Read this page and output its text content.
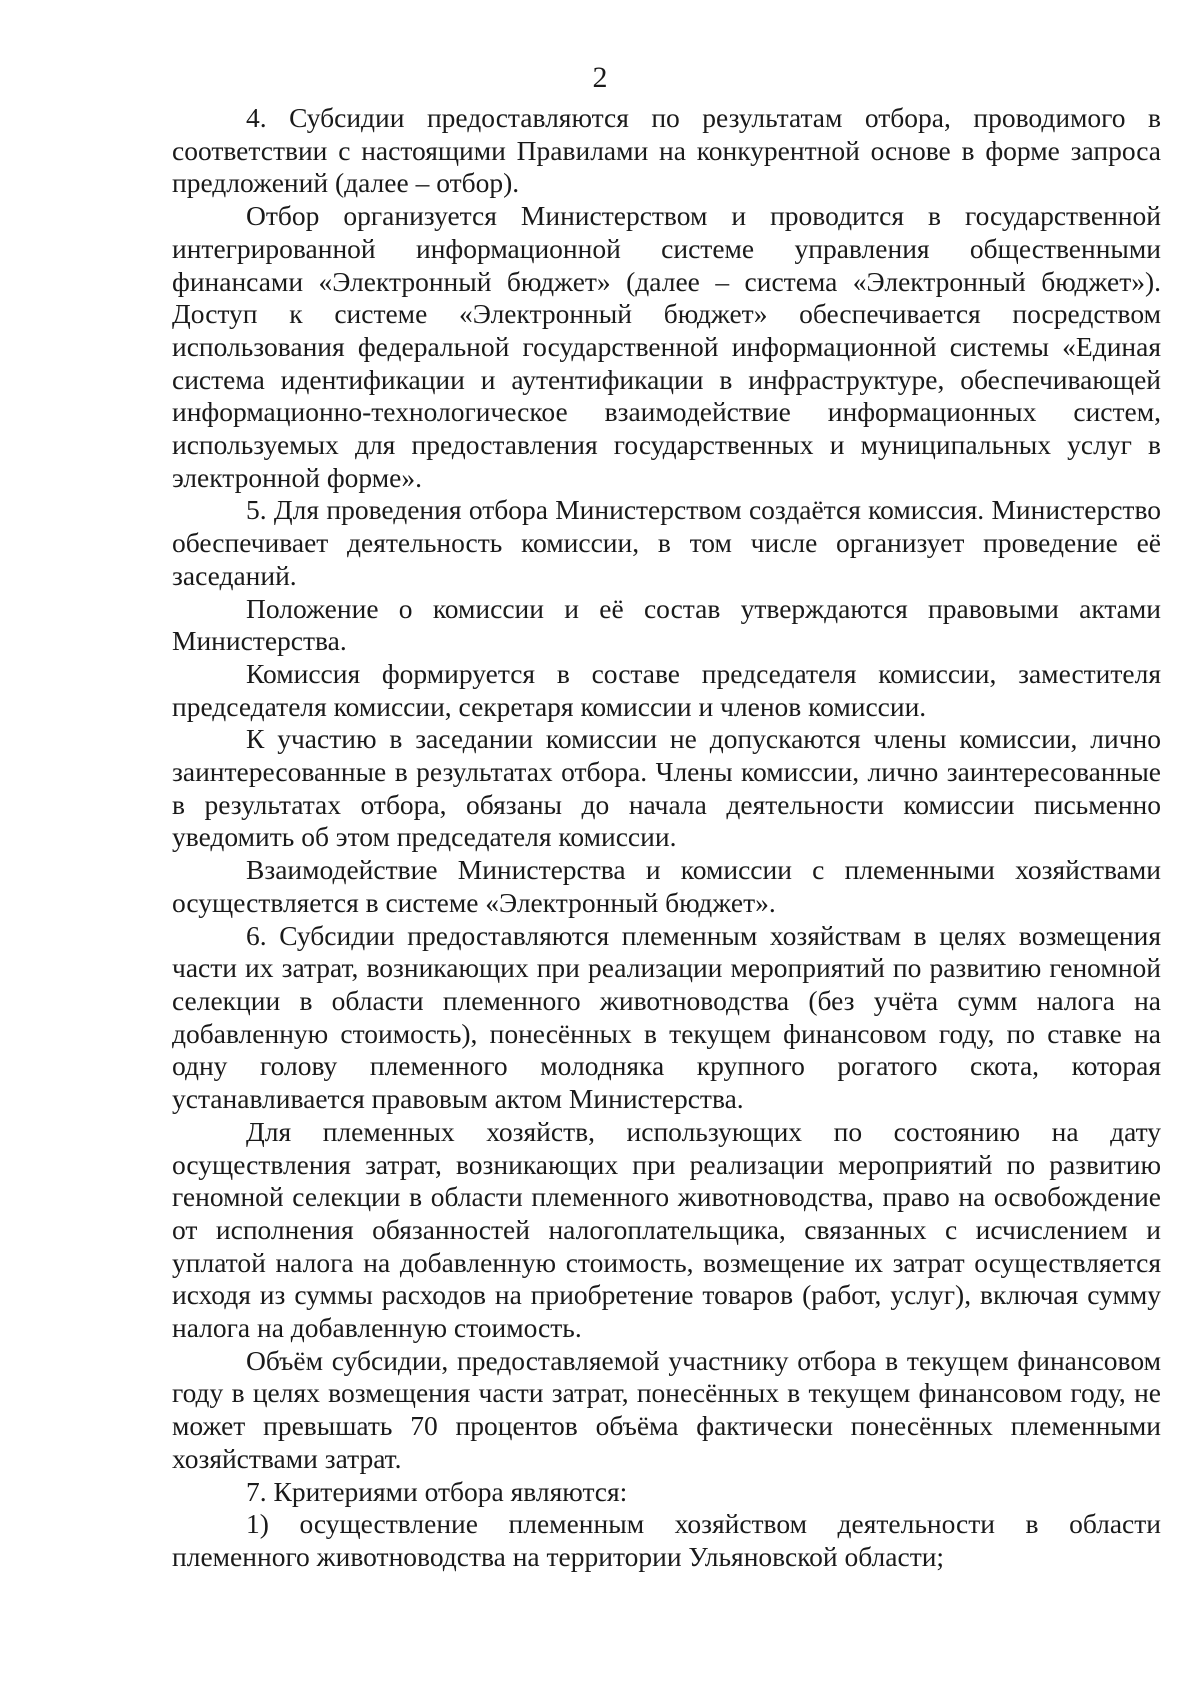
2

4. Субсидии предоставляются по результатам отбора, проводимого в соответствии с настоящими Правилами на конкурентной основе в форме запроса предложений (далее – отбор).

Отбор организуется Министерством и проводится в государственной интегрированной информационной системе управления общественными финансами «Электронный бюджет» (далее – система «Электронный бюджет»). Доступ к системе «Электронный бюджет» обеспечивается посредством использования федеральной государственной информационной системы «Единая система идентификации и аутентификации в инфраструктуре, обеспечивающей информационно-технологическое взаимодействие информационных систем, используемых для предоставления государственных и муниципальных услуг в электронной форме».

5. Для проведения отбора Министерством создаётся комиссия. Министерство обеспечивает деятельность комиссии, в том числе организует проведение её заседаний.

Положение о комиссии и её состав утверждаются правовыми актами Министерства.

Комиссия формируется в составе председателя комиссии, заместителя председателя комиссии, секретаря комиссии и членов комиссии.

К участию в заседании комиссии не допускаются члены комиссии, лично заинтересованные в результатах отбора. Члены комиссии, лично заинтересованные в результатах отбора, обязаны до начала деятельности комиссии письменно уведомить об этом председателя комиссии.

Взаимодействие Министерства и комиссии с племенными хозяйствами осуществляется в системе «Электронный бюджет».

6. Субсидии предоставляются племенным хозяйствам в целях возмещения части их затрат, возникающих при реализации мероприятий по развитию геномной селекции в области племенного животноводства (без учёта сумм налога на добавленную стоимость), понесённых в текущем финансовом году, по ставке на одну голову племенного молодняка крупного рогатого скота, которая устанавливается правовым актом Министерства.

Для племенных хозяйств, использующих по состоянию на дату осуществления затрат, возникающих при реализации мероприятий по развитию геномной селекции в области племенного животноводства, право на освобождение от исполнения обязанностей налогоплательщика, связанных с исчислением и уплатой налога на добавленную стоимость, возмещение их затрат осуществляется исходя из суммы расходов на приобретение товаров (работ, услуг), включая сумму налога на добавленную стоимость.

Объём субсидии, предоставляемой участнику отбора в текущем финансовом году в целях возмещения части затрат, понесённых в текущем финансовом году, не может превышать 70 процентов объёма фактически понесённых племенными хозяйствами затрат.

7. Критериями отбора являются:

1) осуществление племенным хозяйством деятельности в области племенного животноводства на территории Ульяновской области;
